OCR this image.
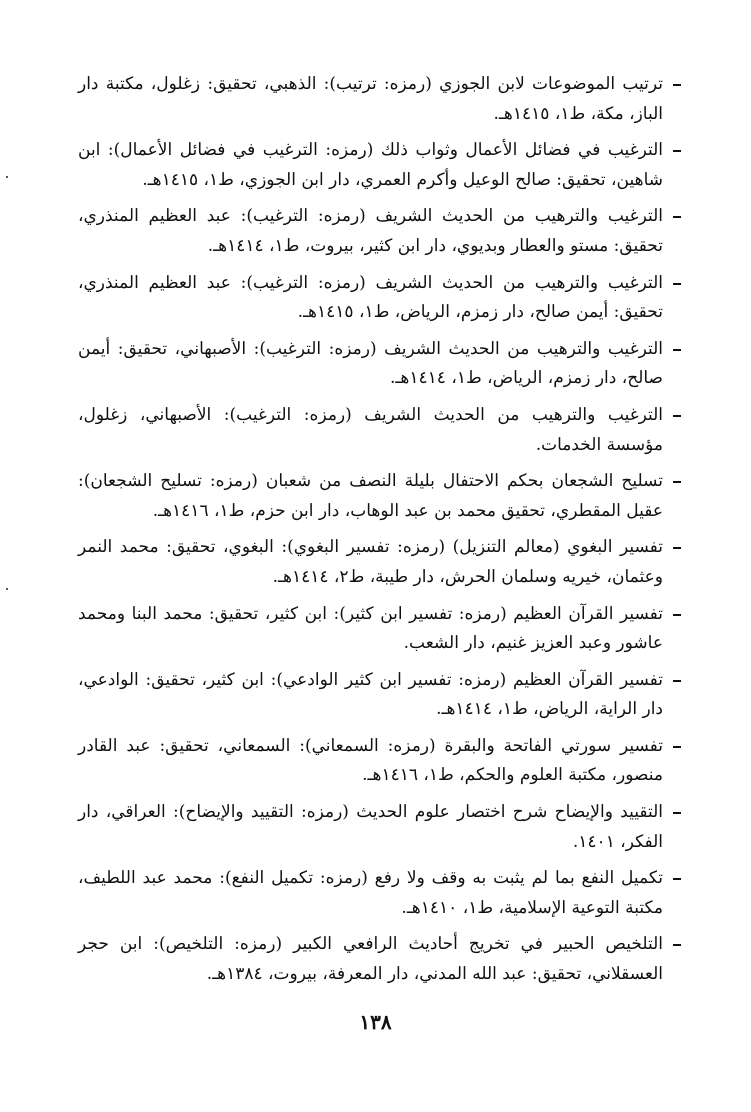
ترتيب الموضوعات لابن الجوزي (رمزه: ترتيب): الذهبي، تحقيق: زغلول، مكتبة دار الباز، مكة، ط١، ١٤١٥هـ.
الترغيب في فضائل الأعمال وثواب ذلك (رمزه: الترغيب في فضائل الأعمال): ابن شاهين، تحقيق: صالح الوعيل وأكرم العمري، دار ابن الجوزي، ط١، ١٤١٥هـ.
الترغيب والترهيب من الحديث الشريف (رمزه: الترغيب): عبد العظيم المنذري، تحقيق: مستو والعطار وبديوي، دار ابن كثير، بيروت، ط١، ١٤١٤هـ.
الترغيب والترهيب من الحديث الشريف (رمزه: الترغيب): عبد العظيم المنذري، تحقيق: أيمن صالح، دار زمزم، الرياض، ط١، ١٤١٥هـ.
الترغيب والترهيب من الحديث الشريف (رمزه: الترغيب): الأصبهاني، تحقيق: أيمن صالح، دار زمزم، الرياض، ط١، ١٤١٤هـ.
الترغيب والترهيب من الحديث الشريف (رمزه: الترغيب): الأصبهاني، زغلول، مؤسسة الخدمات.
تسليح الشجعان بحكم الاحتفال بليلة النصف من شعبان (رمزه: تسليح الشجعان): عقيل المقطري، تحقيق محمد بن عبد الوهاب، دار ابن حزم، ط١، ١٤١٦هـ.
تفسير البغوي (معالم التنزيل) (رمزه: تفسير البغوي): البغوي، تحقيق: محمد النمر وعثمان، خيريه وسلمان الحرش، دار طيبة، ط٢، ١٤١٤هـ.
تفسير القرآن العظيم (رمزه: تفسير ابن كثير): ابن كثير، تحقيق: محمد البنا ومحمد عاشور وعبد العزيز غنيم، دار الشعب.
تفسير القرآن العظيم (رمزه: تفسير ابن كثير الوادعي): ابن كثير، تحقيق: الوادعي، دار الراية، الرياض، ط١، ١٤١٤هـ.
تفسير سورتي الفاتحة والبقرة (رمزه: السمعاني): السمعاني، تحقيق: عبد القادر منصور، مكتبة العلوم والحكم، ط١، ١٤١٦هـ.
التقييد والإيضاح شرح اختصار علوم الحديث (رمزه: التقييد والإيضاح): العراقي، دار الفكر، ١٤٠١.
تكميل النفع بما لم يثبت به وقف ولا رفع (رمزه: تكميل النفع): محمد عبد اللطيف، مكتبة التوعية الإسلامية، ط١، ١٤١٠هـ.
التلخيص الحبير في تخريج أحاديث الرافعي الكبير (رمزه: التلخيص): ابن حجر العسقلاني، تحقيق: عبد الله المدني، دار المعرفة، بيروت، ١٣٨٤هـ.
١٣٨
